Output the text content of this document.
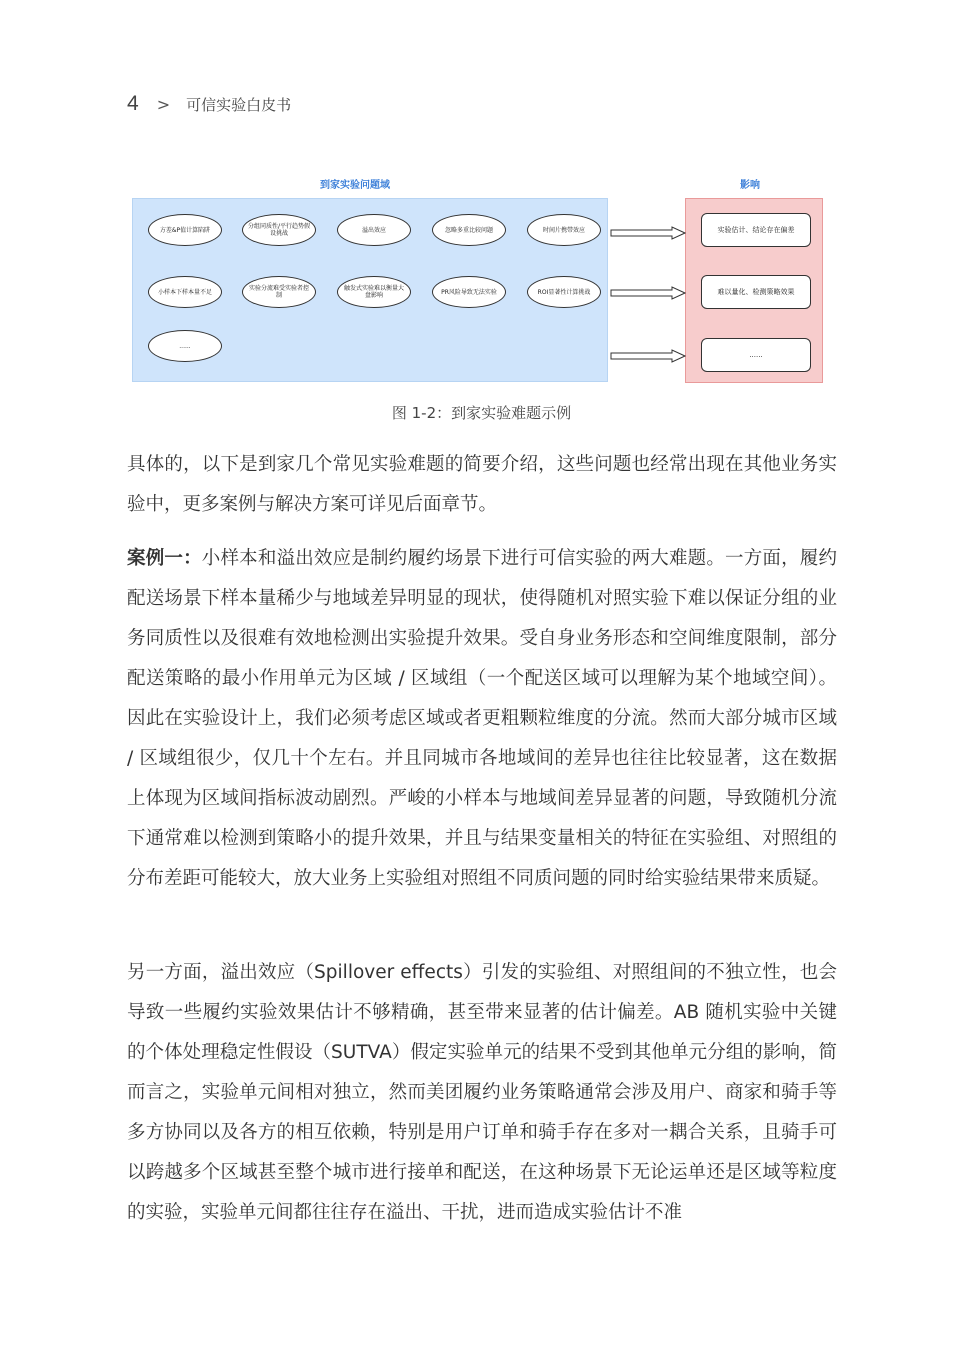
4 > 可信实验白皮书
到家实验问题域	影响
方差&P值计算陷阱	分组同质性/平行趋势假设挑战	溢出效应	忽略多重比较问题	时间片携带效应
小样本下样本量不足	实验分流难受实验者控制
触发式实验难以衡量大盘影响	PR风险导致无法实验	ROI显著性计算挑战
......
实验估计、结论存在偏差
难以量化、检测策略效果
......
图 1-2：到家实验难题示例

具体的，以下是到家几个常见实验难题的简要介绍，这些问题也经常出现在其他业务实验中，更多案例与解决方案可详见后面章节。

案例一：小样本和溢出效应是制约履约场景下进行可信实验的两大难题。一方面，履约配送场景下样本量稀少与地域差异明显的现状，使得随机对照实验下难以保证分组的业务同质性以及很难有效地检测出实验提升效果。受自身业务形态和空间维度限制，部分配送策略的最小作用单元为区域 / 区域组（一个配送区域可以理解为某个地域空间）。因此在实验设计上，我们必须考虑区域或者更粗颗粒维度的分流。然而大部分城市区域 / 区域组很少，仅几十个左右。并且同城市各地域间的差异也往往比较显著，这在数据上体现为区域间指标波动剧烈。严峻的小样本与地域间差异显著的问题，导致随机分流下通常难以检测到策略小的提升效果，并且与结果变量相关的特征在实验组、对照组的分布差距可能较大，放大业务上实验组对照组不同质问题的同时给实验结果带来质疑。

另一方面，溢出效应（Spillover effects）引发的实验组、对照组间的不独立性，也会导致一些履约实验效果估计不够精确，甚至带来显著的估计偏差。AB 随机实验中关键的个体处理稳定性假设（SUTVA）假定实验单元的结果不受到其他单元分组的影响，简而言之，实验单元间相对独立，然而美团履约业务策略通常会涉及用户、商家和骑手等多方协同以及各方的相互依赖，特别是用户订单和骑手存在多对一耦合关系，且骑手可以跨越多个区域甚至整个城市进行接单和配送，在这种场景下无论运单还是区域等粒度的实验，实验单元间都往往存在溢出、干扰，进而造成实验估计不准
